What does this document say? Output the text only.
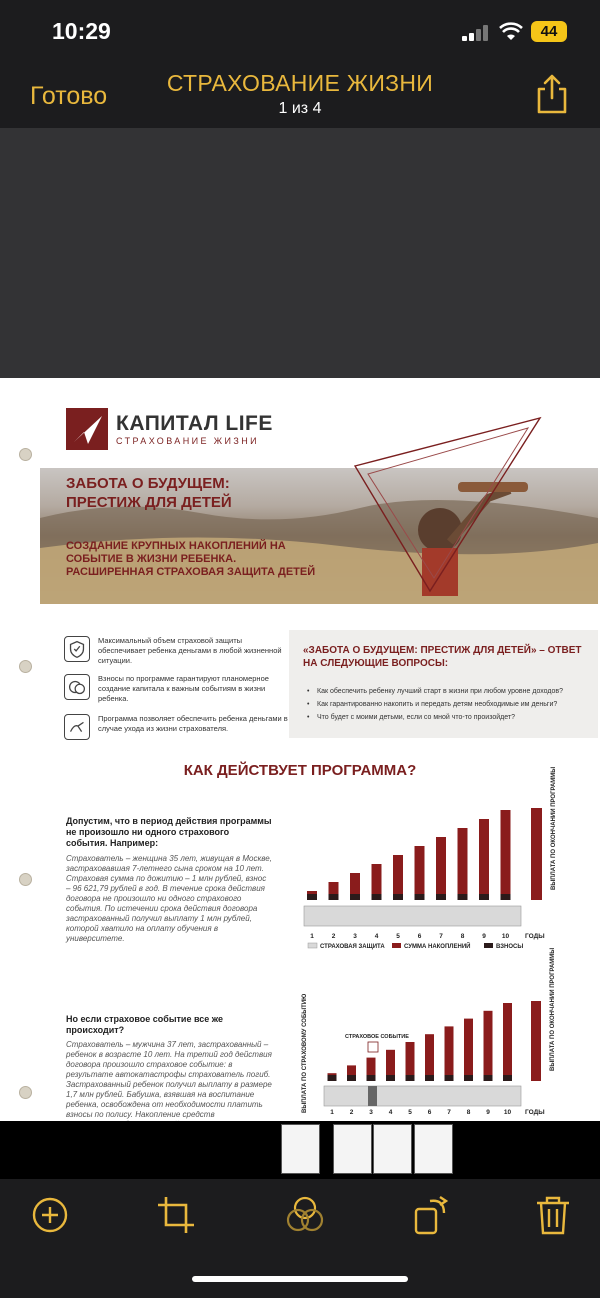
10:29	44
Готово	СТРАХОВАНИЕ ЖИЗНИ
1 из 4
КАПИТАЛ LIFE
СТРАХОВАНИЕ ЖИЗНИ
ЗАБОТА О БУДУЩЕМ: ПРЕСТИЖ ДЛЯ ДЕТЕЙ
СОЗДАНИЕ КРУПНЫХ НАКОПЛЕНИЙ НА СОБЫТИЕ В ЖИЗНИ РЕБЕНКА. РАСШИРЕННАЯ СТРАХОВАЯ ЗАЩИТА ДЕТЕЙ
Максимальный объем страховой защиты обеспечивает ребенка деньгами в любой жизненной ситуации.
Взносы по программе гарантируют планомерное создание капитала к важным событиям в жизни ребенка.
Программа позволяет обеспечить ребенка деньгами в случае ухода из жизни страхователя.
«ЗАБОТА О БУДУЩЕМ: ПРЕСТИЖ ДЛЯ ДЕТЕЙ» – ОТВЕТ НА СЛЕДУЮЩИЕ ВОПРОСЫ:
• Как обеспечить ребенку лучший старт в жизни при любом уровне доходов?
• Как гарантированно накопить и передать детям необходимые им деньги?
• Что будет с моими детьми, если со мной что-то произойдет?
КАК ДЕЙСТВУЕТ ПРОГРАММА?
Допустим, что в период действия программы не произошло ни одного страхового события. Например:
Страхователь – женщина 35 лет, живущая в Москве, застраховавшая 7-летнего сына сроком на 10 лет. Страховая сумма по дожитию – 1 млн рублей, взнос – 96 621,79 рублей в год. В течение срока действия договора не произошло ни одного страхового события. По истечении срока действия договора застрахованный получил выплату 1 млн рублей, которой хватило на оплату обучения в университете.
Но если страховое событие все же происходит?
Страхователь – мужчина 37 лет, застрахованный – ребенок в возрасте 10 лет. На третий год действия договора произошло страховое событие: в результате автокатастрофы страхователь погиб. Застрахованный ребенок получил выплату в размере 1,7 млн рублей. Бабушка, взявшая на воспитание ребенка, освобождена от необходимости платить взносы по полису. Накопление средств
1	2	3	4	5	6	7	8	9 10 ГОДЫ
ВЫПЛАТА ПО ОКОНЧАНИИ ПРОГРАММЫ
1 2 3 4 5 6 7 8 9 10 ГОДЫ
ВЫПЛАТА ПО ОКОНЧАНИИ ПРОГРАММЫ
СТРАХОВАЯ ЗАЩИТА	СУММА НАКОПЛЕНИЙ	ВЗНОСЫ
СТРАХОВОЕ СОБЫТИЕ
ВЫПЛАТА ПО СТРАХОВОМУ СОБЫТИЮ
